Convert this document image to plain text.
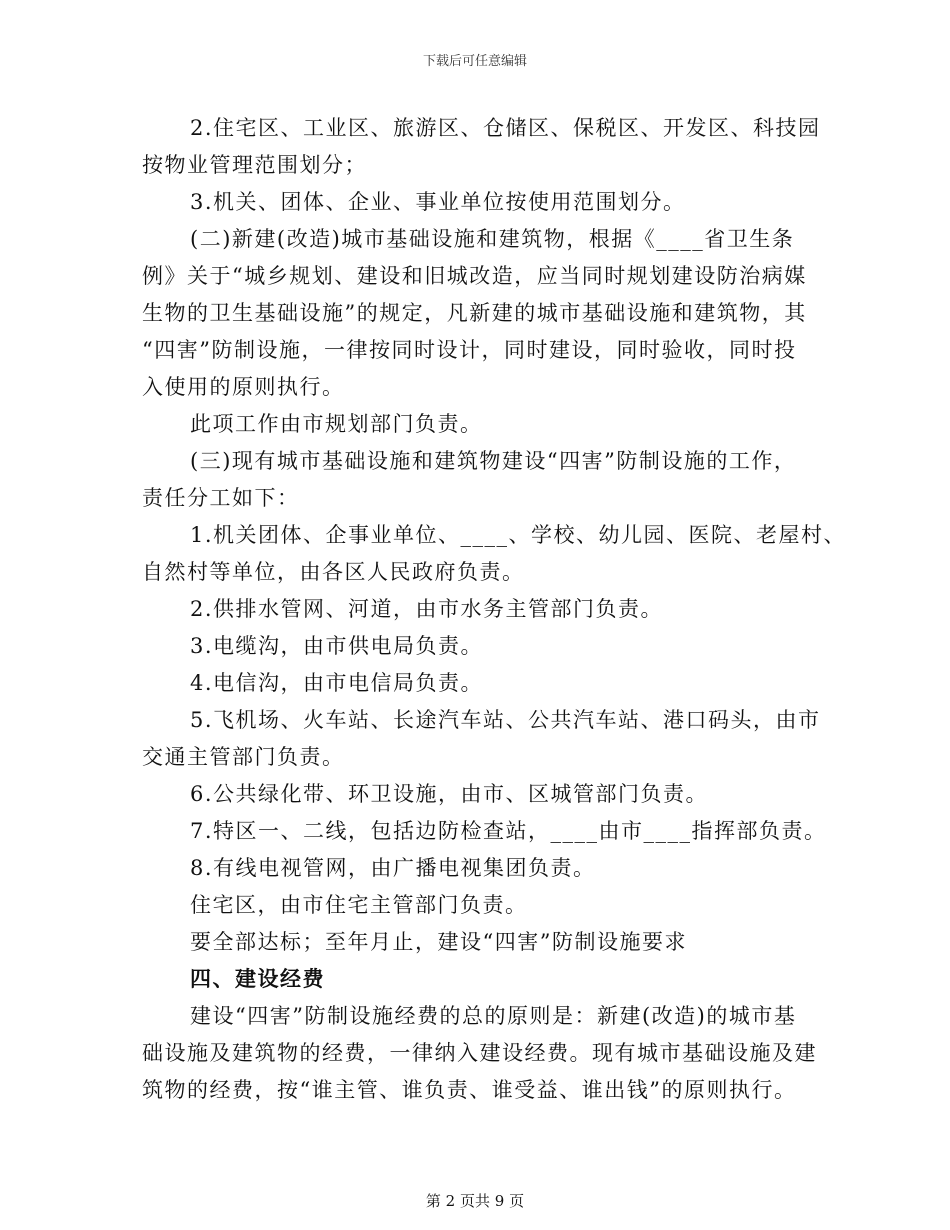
下载后可任意编辑
2.住宅区、工业区、旅游区、仓储区、保税区、开发区、科技园
按物业管理范围划分；
3.机关、团体、企业、事业单位按使用范围划分。
(二)新建(改造)城市基础设施和建筑物，根据《____省卫生条
例》关于“城乡规划、建设和旧城改造，应当同时规划建设防治病媒
生物的卫生基础设施”的规定，凡新建的城市基础设施和建筑物，其
“四害”防制设施，一律按同时设计，同时建设，同时验收，同时投
入使用的原则执行。
此项工作由市规划部门负责。
(三)现有城市基础设施和建筑物建设“四害”防制设施的工作，
责任分工如下：
1.机关团体、企事业单位、____、学校、幼儿园、医院、老屋村、
自然村等单位，由各区人民政府负责。
2.供排水管网、河道，由市水务主管部门负责。
3.电缆沟，由市供电局负责。
4.电信沟，由市电信局负责。
5.飞机场、火车站、长途汽车站、公共汽车站、港口码头，由市
交通主管部门负责。
6.公共绿化带、环卫设施，由市、区城管部门负责。
7.特区一、二线，包括边防检查站，____由市____指挥部负责。
8.有线电视管网，由广播电视集团负责。
住宅区，由市住宅主管部门负责。
要全部达标；至年月止，建设“四害”防制设施要求
四、建设经费
建设“四害”防制设施经费的总的原则是：新建(改造)的城市基
础设施及建筑物的经费，一律纳入建设经费。现有城市基础设施及建
筑物的经费，按“谁主管、谁负责、谁受益、谁出钱”的原则执行。
第 2 页共 9 页
